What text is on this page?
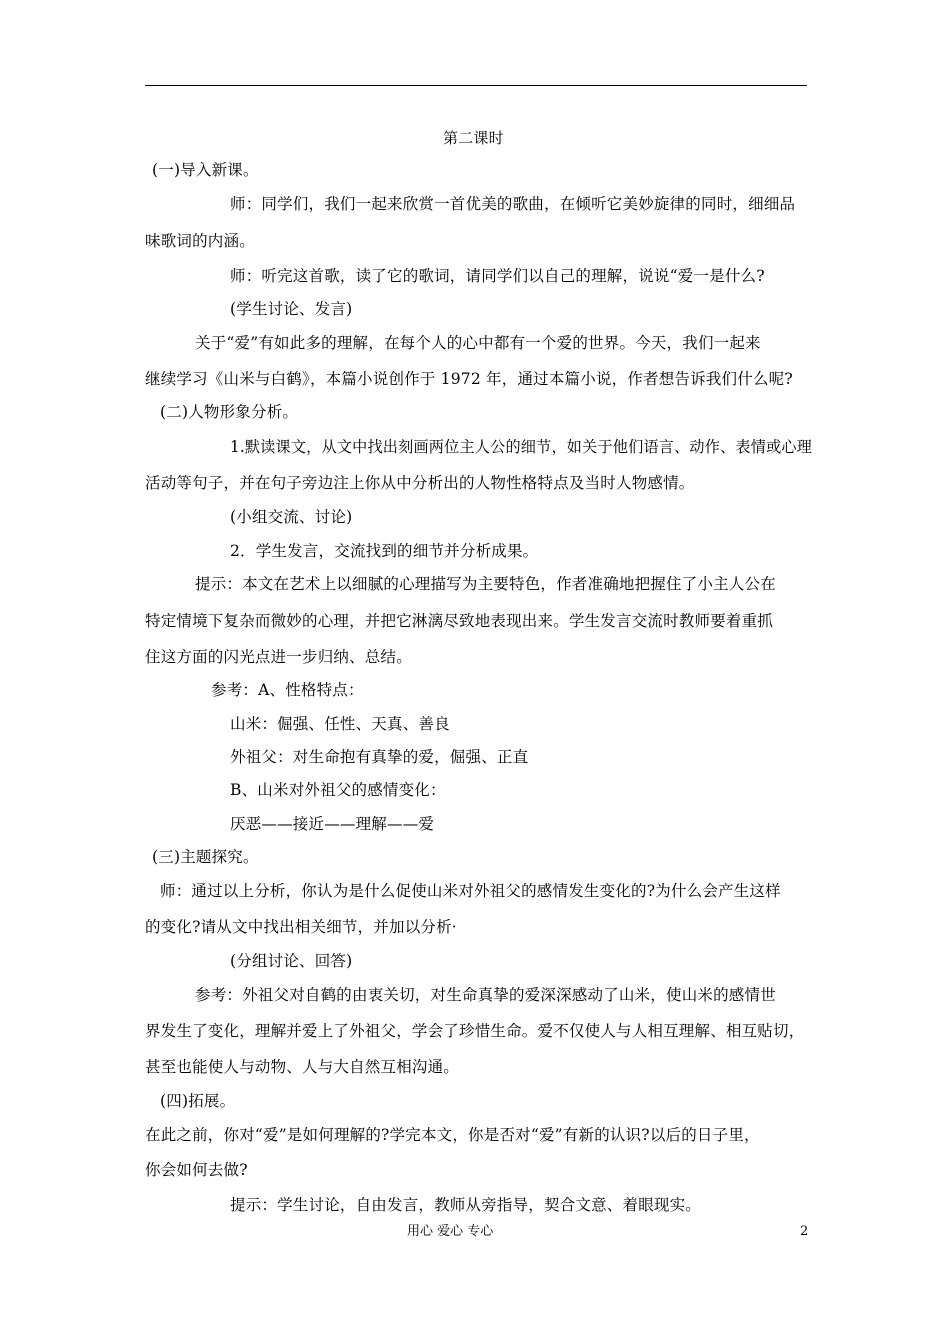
第二课时
(一)导入新课。
师：同学们，我们一起来欣赏一首优美的歌曲，在倾听它美妙旋律的同时，细细品
味歌词的内涵。
师：听完这首歌，读了它的歌词，请同学们以自己的理解，说说“爱一是什么?
(学生讨论、发言)
关于“爱”有如此多的理解，在每个人的心中都有一个爱的世界。今天，我们一起来
继续学习《山米与白鹤》，本篇小说创作于 1972 年，通过本篇小说，作者想告诉我们什么呢?
(二)人物形象分析。
1.默读课文，从文中找出刻画两位主人公的细节，如关于他们语言、动作、表情或心理
活动等句子，并在句子旁边注上你从中分析出的人物性格特点及当时人物感情。
(小组交流、讨论)
2．学生发言，交流找到的细节并分析成果。
提示：本文在艺术上以细腻的心理描写为主要特色，作者准确地把握住了小主人公在
特定情境下复杂而微妙的心理，并把它淋漓尽致地表现出来。学生发言交流时教师要着重抓
住这方面的闪光点进一步归纳、总结。
参考：A、性格特点：
山米：倔强、任性、天真、善良
外祖父：对生命抱有真挚的爱，倔强、正直
B、山米对外祖父的感情变化：
厌恶——接近——理解——爱
(三)主题探究。
师：通过以上分析，你认为是什么促使山米对外祖父的感情发生变化的?为什么会产生这样
的变化?请从文中找出相关细节，并加以分析·
(分组讨论、回答)
参考：外祖父对自鹤的由衷关切，对生命真挚的爱深深感动了山米，使山米的感情世
界发生了变化，理解并爱上了外祖父，学会了珍惜生命。爱不仅使人与人相互理解、相互贴切，
甚至也能使人与动物、人与大自然互相沟通。
(四)拓展。
在此之前，你对“爱”是如何理解的?学完本文，你是否对“爱”有新的认识?以后的日子里，
你会如何去做?
提示：学生讨论，自由发言，教师从旁指导，契合文意、着眼现实。
用心 爱心 专心	2
